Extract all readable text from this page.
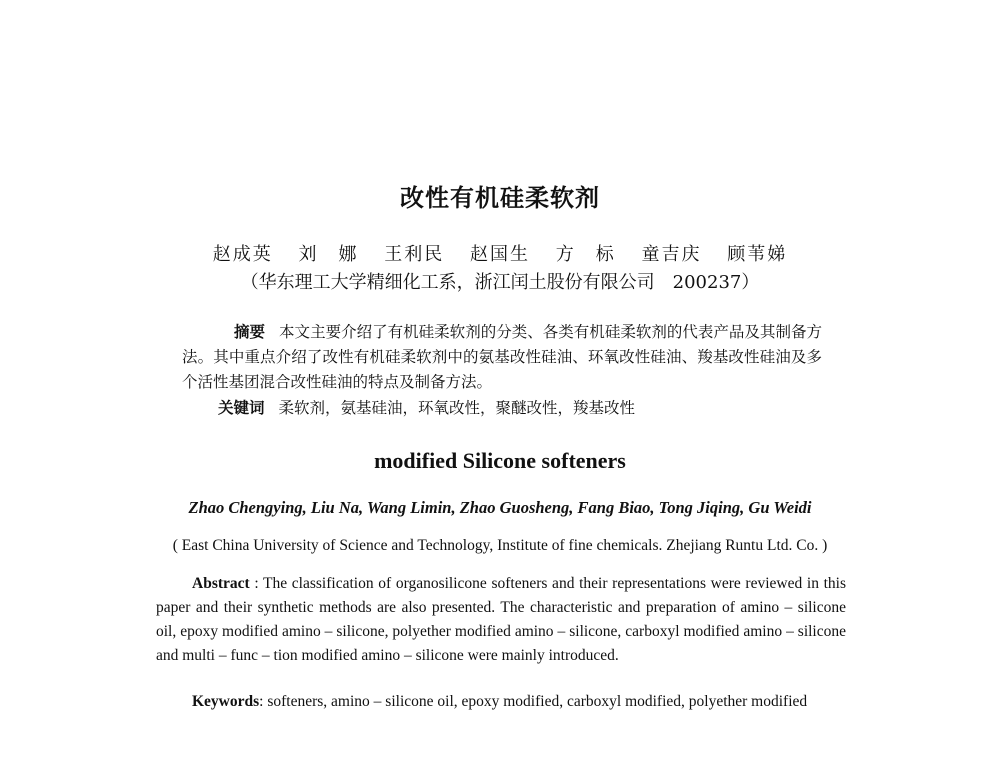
改性有机硅柔软剂
赵成英 刘　娜 王利民 赵国生 方　标 童吉庆 顾苇娣
（华东理工大学精细化工系，浙江闰土股份有限公司　200237）
摘要 本文主要介绍了有机硅柔软剂的分类、各类有机硅柔软剂的代表产品及其制备方法。其中重点介绍了改性有机硅柔软剂中的氨基改性硅油、环氧改性硅油、羧基改性硅油及多个活性基团混合改性硅油的特点及制备方法。
关键词 柔软剂，氨基硅油，环氧改性，聚醚改性，羧基改性
modified Silicone softeners
Zhao Chengying, Liu Na, Wang Limin, Zhao Guosheng, Fang Biao, Tong Jiqing, Gu Weidi
( East China University of Science and Technology, Institute of fine chemicals. Zhejiang Runtu Ltd. Co. )
Abstract : The classification of organosilicone softeners and their representations were reviewed in this paper and their synthetic methods are also presented. The characteristic and preparation of amino – silicone oil, epoxy modified amino – silicone, polyether modified amino – silicone, carboxyl modified amino – silicone and multi – func – tion modified amino – silicone were mainly introduced.
Keywords: softeners, amino – silicone oil, epoxy modified, carboxyl modified, polyether modified
